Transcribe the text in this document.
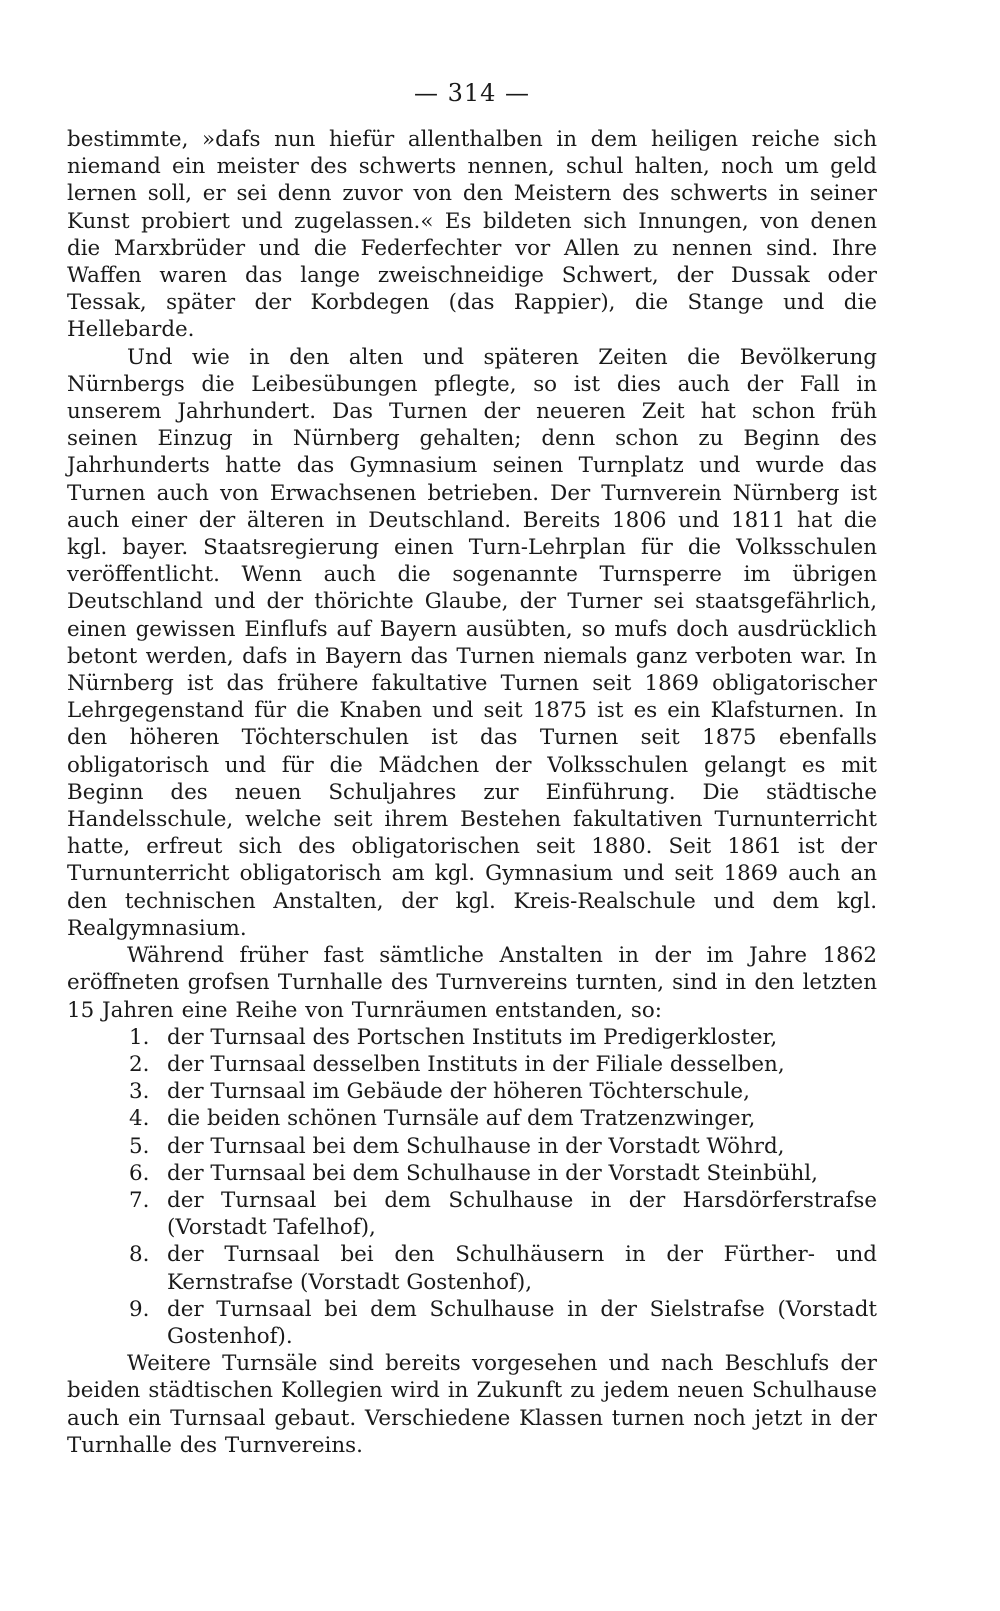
— 314 —

bestimmte, »dafs nun hiefür allenthalben in dem heiligen reiche sich niemand ein meister des schwerts nennen, schul halten, noch um geld lernen soll, er sei denn zuvor von den Meistern des schwerts in seiner Kunst probiert und zugelassen.« Es bildeten sich Innungen, von denen die Marxbrüder und die Federfechter vor Allen zu nennen sind. Ihre Waffen waren das lange zweischneidige Schwert, der Dussak oder Tessak, später der Korbdegen (das Rappier), die Stange und die Hellebarde.

Und wie in den alten und späteren Zeiten die Bevölkerung Nürnbergs die Leibesübungen pflegte, so ist dies auch der Fall in unserem Jahrhundert. Das Turnen der neueren Zeit hat schon früh seinen Einzug in Nürnberg gehalten; denn schon zu Beginn des Jahrhunderts hatte das Gymnasium seinen Turnplatz und wurde das Turnen auch von Erwachsenen betrieben. Der Turnverein Nürnberg ist auch einer der älteren in Deutschland. Bereits 1806 und 1811 hat die kgl. bayer. Staatsregierung einen Turn-Lehrplan für die Volksschulen veröffentlicht. Wenn auch die sogenannte Turnsperre im übrigen Deutschland und der thörichte Glaube, der Turner sei staatsgefährlich, einen gewissen Einflufs auf Bayern ausübten, so mufs doch ausdrücklich betont werden, dafs in Bayern das Turnen niemals ganz verboten war. In Nürnberg ist das frühere fakultative Turnen seit 1869 obligatorischer Lehrgegenstand für die Knaben und seit 1875 ist es ein Klafsturnen. In den höheren Töchterschulen ist das Turnen seit 1875 ebenfalls obligatorisch und für die Mädchen der Volksschulen gelangt es mit Beginn des neuen Schuljahres zur Einführung. Die städtische Handelsschule, welche seit ihrem Bestehen fakultativen Turnunterricht hatte, erfreut sich des obligatorischen seit 1880. Seit 1861 ist der Turnunterricht obligatorisch am kgl. Gymnasium und seit 1869 auch an den technischen Anstalten, der kgl. Kreis-Realschule und dem kgl. Realgymnasium.

Während früher fast sämtliche Anstalten in der im Jahre 1862 eröffneten grofsen Turnhalle des Turnvereins turnten, sind in den letzten 15 Jahren eine Reihe von Turnräumen entstanden, so:

1. der Turnsaal des Portschen Instituts im Predigerkloster,
2. der Turnsaal desselben Instituts in der Filiale desselben,
3. der Turnsaal im Gebäude der höheren Töchterschule,
4. die beiden schönen Turnsäle auf dem Tratzenzwinger,
5. der Turnsaal bei dem Schulhause in der Vorstadt Wöhrd,
6. der Turnsaal bei dem Schulhause in der Vorstadt Steinbühl,
7. der Turnsaal bei dem Schulhause in der Harsdörferstrafse (Vorstadt Tafelhof),
8. der Turnsaal bei den Schulhäusern in der Fürther- und Kernstrafse (Vorstadt Gostenhof),
9. der Turnsaal bei dem Schulhause in der Sielstrafse (Vorstadt Gostenhof).

Weitere Turnsäle sind bereits vorgesehen und nach Beschlufs der beiden städtischen Kollegien wird in Zukunft zu jedem neuen Schulhause auch ein Turnsaal gebaut. Verschiedene Klassen turnen noch jetzt in der Turnhalle des Turnvereins.
